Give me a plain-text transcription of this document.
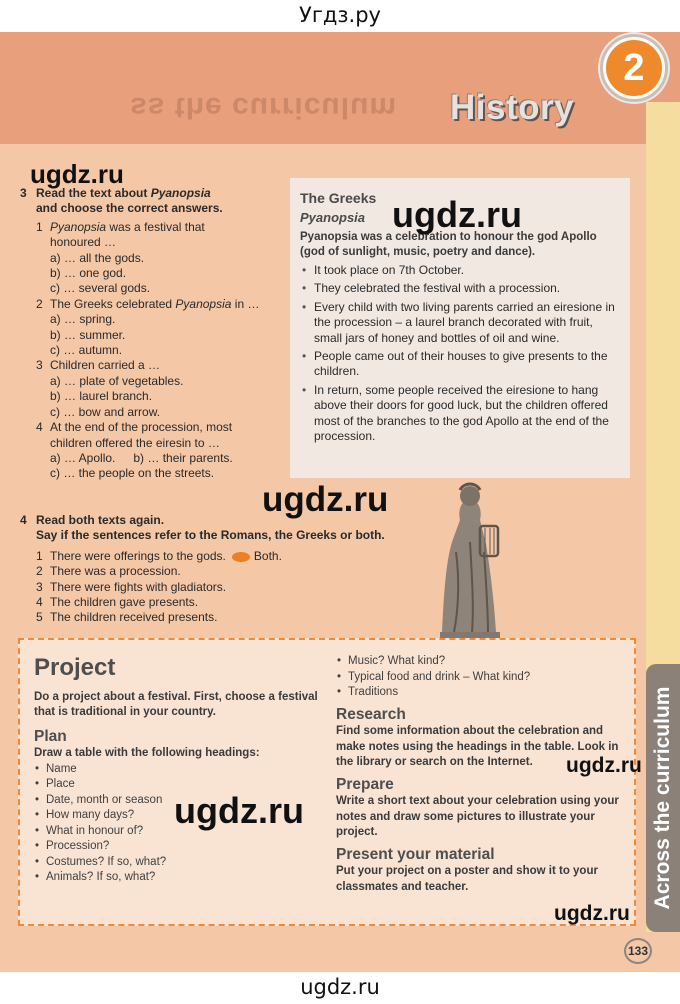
Угдз.ру
ss the curriculum History
2
Across the curriculum
3 Read the text about Pyanopsia
and choose the correct answers.
1 Pyanopsia was a festival that
honoured …
a) … all the gods.
b) … one god.
c) … several gods.
2 The Greeks celebrated Pyanopsia in …
a) … spring.
b) … summer.
c) … autumn.
3 Children carried a …
a) … plate of vegetables.
b) … laurel branch.
c) … bow and arrow.
4 At the end of the procession, most
children offered the eiresin to …
a) … Apollo. b) … their parents.
c) … the people on the streets.
4 Read both texts again.
Say if the sentences refer to the Romans, the Greeks or both.
1 There were offerings to the gods. Both.
2 There was a procession.
3 There were fights with gladiators.
4 The children gave presents.
5 The children received presents.
The Greeks
Pyanopsia
Pyanopsia was a celebration to honour the god Apollo (god of sunlight, music, poetry and dance).
• It took place on 7th October.
• They celebrated the festival with a procession.
• Every child with two living parents carried an eiresione in the procession – a laurel branch decorated with fruit, small jars of honey and bottles of oil and wine.
• People came out of their houses to give presents to the children.
• In return, some people received the eiresione to hang above their doors for good luck, but the children offered most of the branches to the god Apollo at the end of the procession.
Project
Do a project about a festival. First, choose a festival that is traditional in your country.
Plan
Draw a table with the following headings:
• Name
• Place
• Date, month or season
• How many days?
• What in honour of?
• Procession?
• Costumes? If so, what?
• Animals? If so, what?
• Music? What kind?
• Typical food and drink – What kind?
• Traditions
Research
Find some information about the celebration and make notes using the headings in the table. Look in the library or search on the Internet.
Prepare
Write a short text about your celebration using your notes and draw some pictures to illustrate your project.
Present your material
Put your project on a poster and show it to your classmates and teacher.
133
ugdz.ru
ugdz.ru
ugdz.ru
ugdz.ru
ugdz.ru
ugdz.ru
ugdz.ru
